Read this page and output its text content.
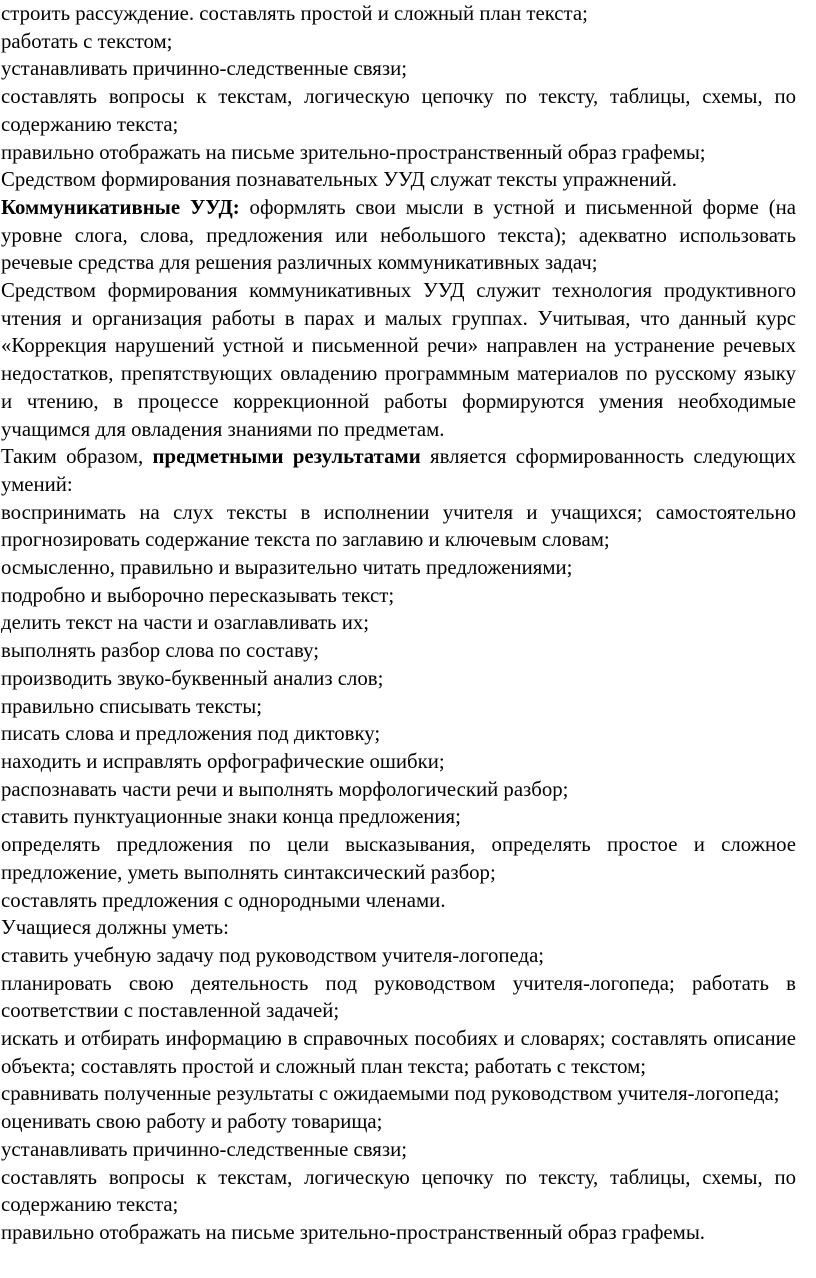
строить рассуждение. составлять простой и сложный план текста;

работать с текстом;

устанавливать причинно-следственные связи;

составлять вопросы к текстам, логическую цепочку по тексту, таблицы, схемы, по содержанию текста;

правильно отображать на письме зрительно-пространственный образ графемы;

Средством формирования познавательных УУД служат тексты упражнений.

Коммуникативные УУД: оформлять свои мысли в устной и письменной форме (на уровне слога, слова, предложения или небольшого текста); адекватно использовать речевые средства для решения различных коммуникативных задач;

Средством формирования коммуникативных УУД служит технология продуктивного чтения и организация работы в парах и малых группах. Учитывая, что данный курс «Коррекция нарушений устной и письменной речи» направлен на устранение речевых недостатков, препятствующих овладению программным материалов по русскому языку и чтению, в процессе коррекционной работы формируются умения необходимые учащимся для овладения знаниями по предметам.

Таким образом, предметными результатами является сформированность следующих умений:

воспринимать на слух тексты в исполнении учителя и учащихся; самостоятельно прогнозировать содержание текста по заглавию и ключевым словам;

осмысленно, правильно и выразительно читать предложениями;

подробно и выборочно пересказывать текст;

делить текст на части и озаглавливать их;

выполнять разбор слова по составу;

производить звуко-буквенный анализ слов;

правильно списывать тексты;

писать слова и предложения под диктовку;

находить и исправлять орфографические ошибки;

распознавать части речи и выполнять морфологический разбор;

ставить пунктуационные знаки конца предложения;

определять предложения по цели высказывания, определять простое и сложное предложение, уметь выполнять синтаксический разбор;

составлять предложения с однородными членами.

Учащиеся должны уметь:

ставить учебную задачу под руководством учителя-логопеда;

планировать свою деятельность под руководством учителя-логопеда; работать в соответствии с поставленной задачей;

искать и отбирать информацию в справочных пособиях и словарях; составлять описание объекта; составлять простой и сложный план текста; работать с текстом;

сравнивать полученные результаты с ожидаемыми под руководством учителя-логопеда;

оценивать свою работу и работу товарища;

устанавливать причинно-следственные связи;

составлять вопросы к текстам, логическую цепочку по тексту, таблицы, схемы, по содержанию текста;

правильно отображать на письме зрительно-пространственный образ графемы.
